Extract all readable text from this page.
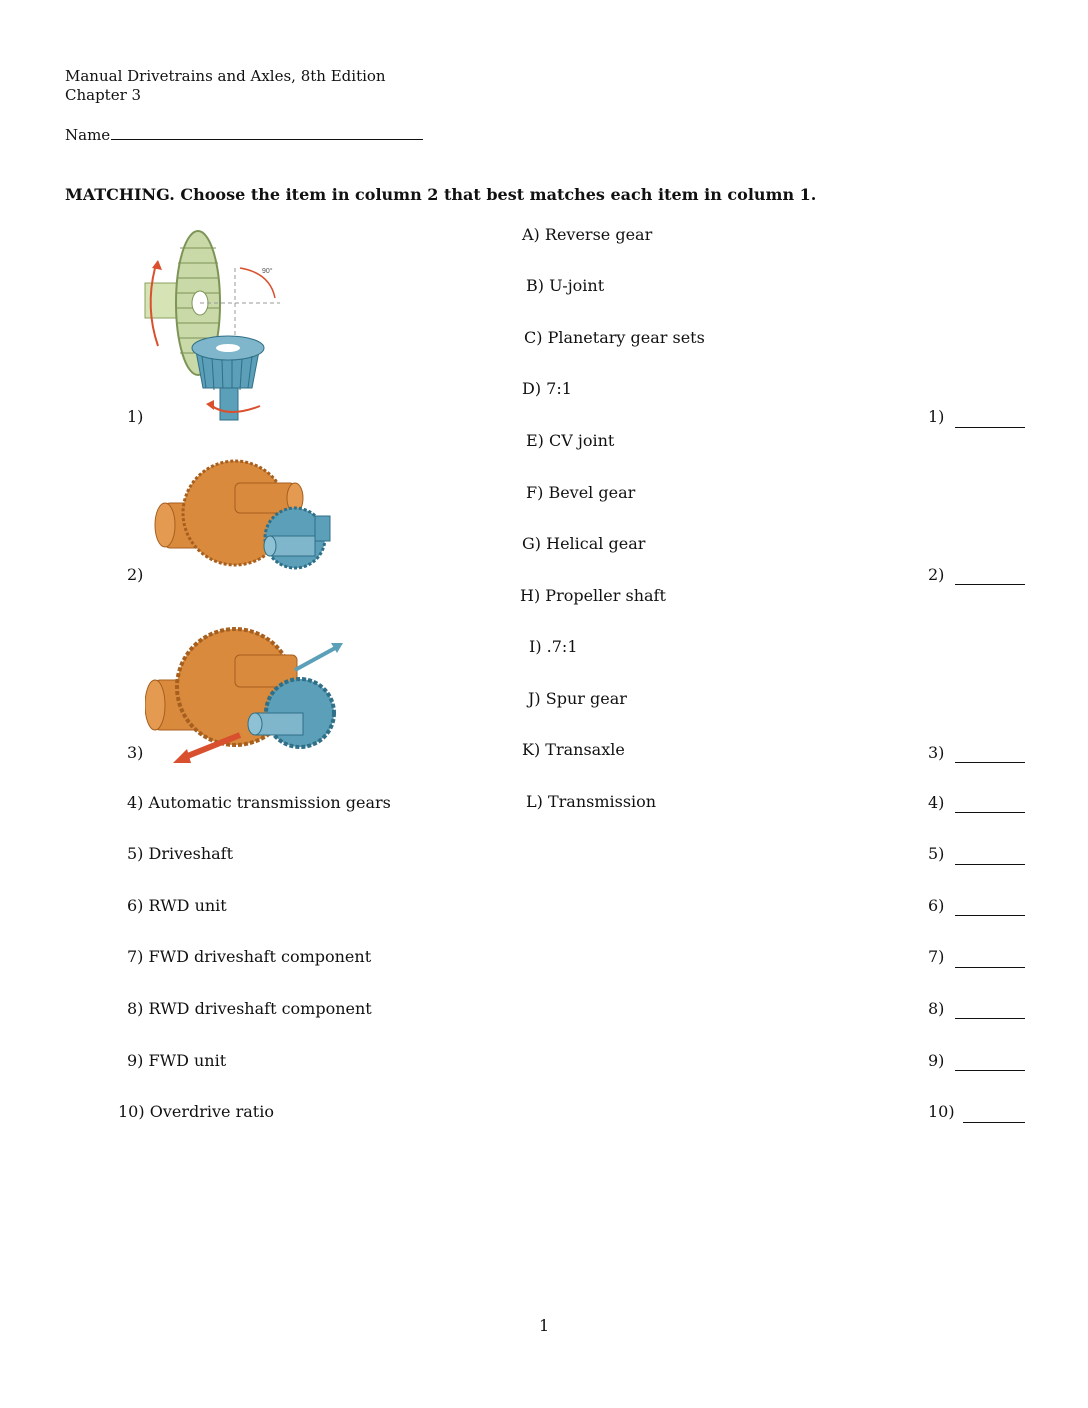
Manual Drivetrains and Axles, 8th Edition
Chapter 3
Name
MATCHING. Choose the item in column 2 that best matches each item in column 1.
90°
1)
2)
3)
4) Automatic transmission gears
5) Driveshaft
6) RWD unit
7) FWD driveshaft component
8) RWD driveshaft component
9) FWD unit
10) Overdrive ratio
A) Reverse gear
B) U-joint
C) Planetary gear sets
D) 7:1
E) CV joint
F) Bevel gear
G) Helical gear
H) Propeller shaft
I) .7:1
J) Spur gear
K) Transaxle
L) Transmission
1)
2)
3)
4)
5)
6)
7)
8)
9)
10)
1
